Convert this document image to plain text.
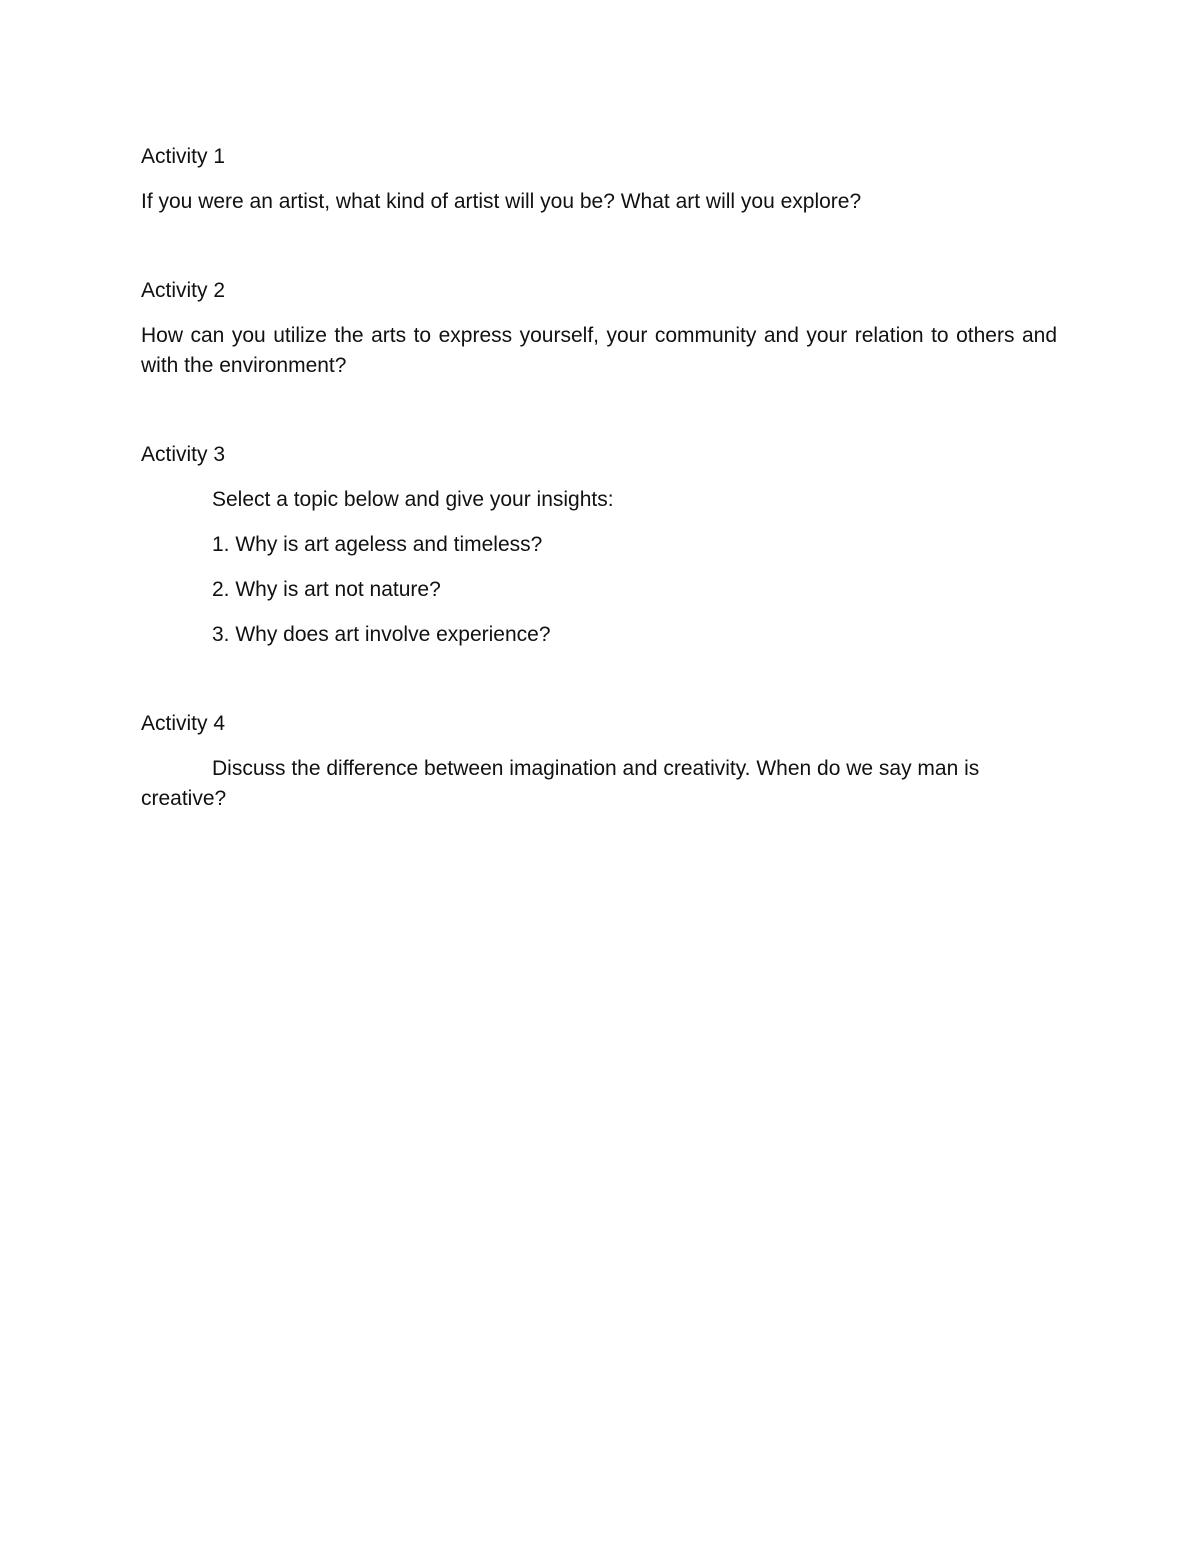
Activity 1

If you were an artist, what kind of artist will you be? What art will you explore?

Activity 2

How can you utilize the arts to express yourself, your community and your relation to others and with the environment?

Activity 3

Select a topic below and give your insights:

1. Why is art ageless and timeless?
2. Why is art not nature?
3. Why does art involve experience?

Activity 4

Discuss the difference between imagination and creativity. When do we say man is creative?
